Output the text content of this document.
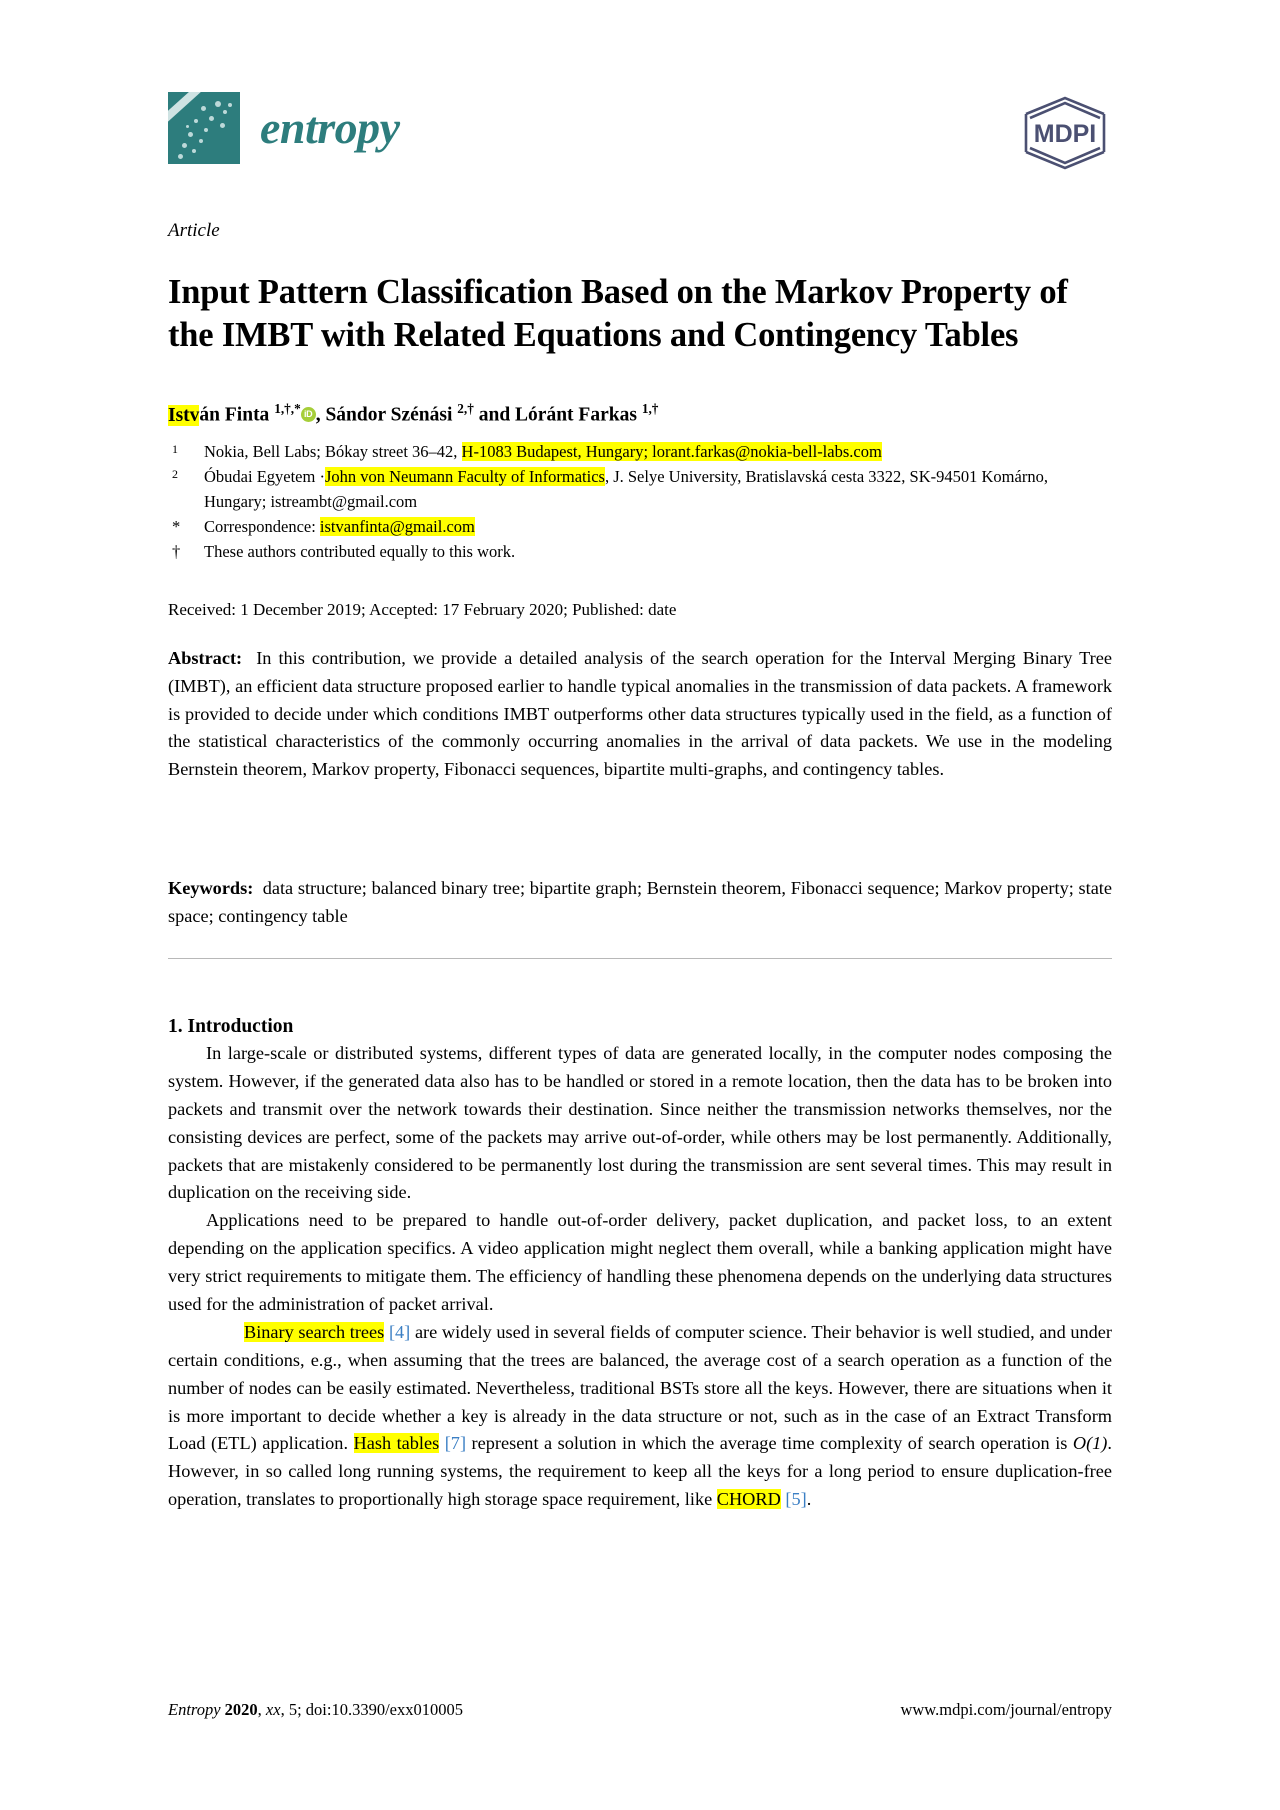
entropy	MDPI
Article
Input Pattern Classification Based on the Markov Property of the IMBT with Related Equations and Contingency Tables
István Finta $^{1,\dagger,*}$ iD , Sándor Szénási $^{2,\dagger}$ and Lóránt Farkas $^{1,\dagger}$
1	Nokia, Bell Labs; Bókay street 36–42, H-1083 Budapest, Hungary; lorant.farkas@nokia-bell-labs.com
2	Óbudai Egyetem ·John von Neumann Faculty of Informatics, J. Selye University, Bratislavská cesta 3322, SK-94501 Komárno, Hungary; istreambt@gmail.com
*	Correspondence: istvanfinta@gmail.com
†	These authors contributed equally to this work.
Received: 1 December 2019; Accepted: 17 February 2020; Published: date
Abstract: In this contribution, we provide a detailed analysis of the search operation for the Interval Merging Binary Tree (IMBT), an efficient data structure proposed earlier to handle typical anomalies in the transmission of data packets. A framework is provided to decide under which conditions IMBT outperforms other data structures typically used in the field, as a function of the statistical characteristics of the commonly occurring anomalies in the arrival of data packets. We use in the modeling Bernstein theorem, Markov property, Fibonacci sequences, bipartite multi-graphs, and contingency tables.
Keywords: data structure; balanced binary tree; bipartite graph; Bernstein theorem, Fibonacci sequence; Markov property; state space; contingency table
1. Introduction

In large-scale or distributed systems, different types of data are generated locally, in the computer nodes composing the system. However, if the generated data also has to be handled or stored in a remote location, then the data has to be broken into packets and transmit over the network towards their destination. Since neither the transmission networks themselves, nor the consisting devices are perfect, some of the packets may arrive out-of-order, while others may be lost permanently. Additionally, packets that are mistakenly considered to be permanently lost during the transmission are sent several times. This may result in duplication on the receiving side.

Applications need to be prepared to handle out-of-order delivery, packet duplication, and packet loss, to an extent depending on the application specifics. A video application might neglect them overall, while a banking application might have very strict requirements to mitigate them. The efficiency of handling these phenomena depends on the underlying data structures used for the administration of packet arrival.

Binary search trees [4] are widely used in several fields of computer science. Their behavior is well studied, and under certain conditions, e.g., when assuming that the trees are balanced, the average cost of a search operation as a function of the number of nodes can be easily estimated. Nevertheless, traditional BSTs store all the keys. However, there are situations when it is more important to decide whether a key is already in the data structure or not, such as in the case of an Extract Transform Load (ETL) application. Hash tables [7] represent a solution in which the average time complexity of search operation is O(1). However, in so called long running systems, the requirement to keep all the keys for a long period to ensure duplication-free operation, translates to proportionally high storage space requirement, like CHORD [5].

Entropy 2020, xx, 5; doi:10.3390/exx010005	www.mdpi.com/journal/entropy
